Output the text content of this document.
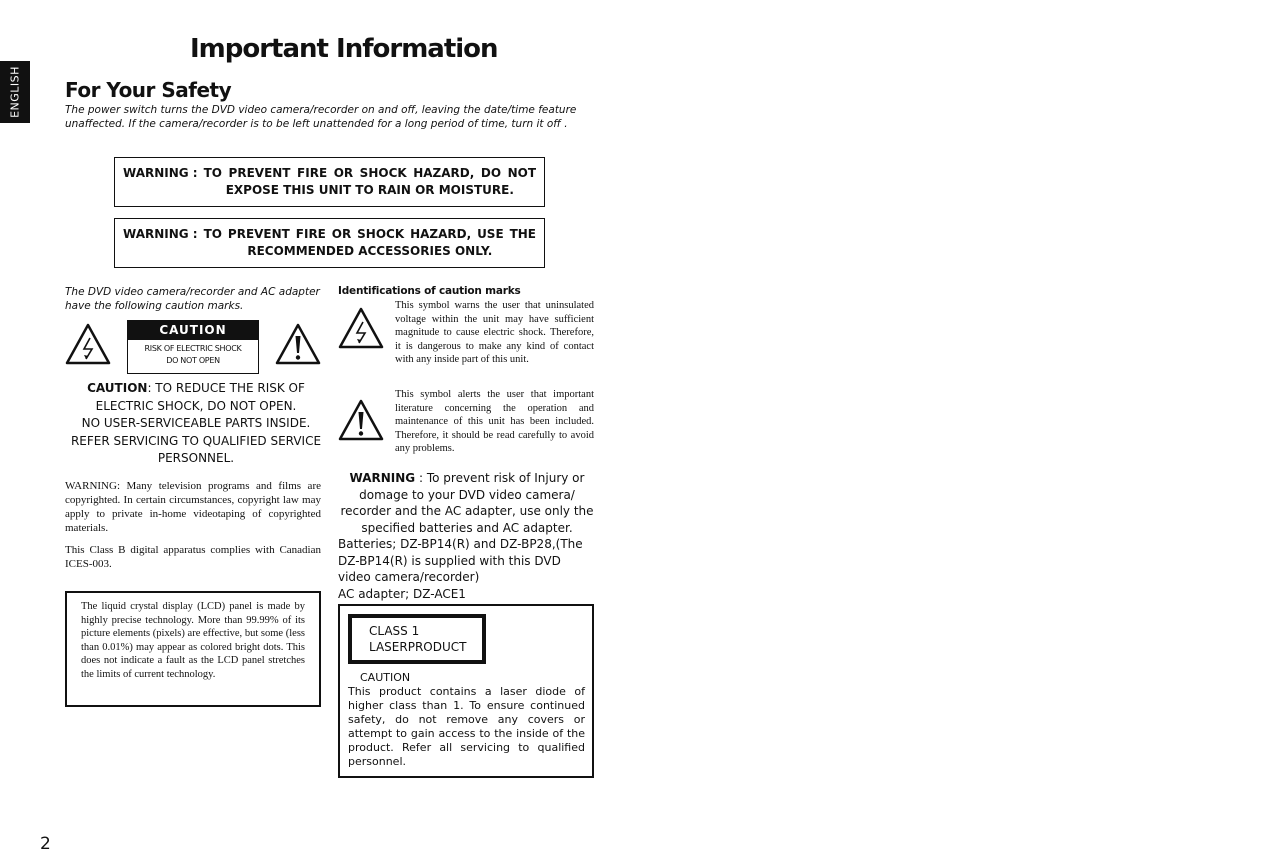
ENGLISH
Important Information
For Your Safety
The power switch turns the DVD video camera/recorder on and off, leaving the date/time feature unaffected. If the camera/recorder is to be left unattended for a long period of time, turn it off .
WARNING : TO PREVENT FIRE OR SHOCK HAZARD, DO NOT EXPOSE THIS UNIT TO RAIN OR MOISTURE.
WARNING : TO PREVENT FIRE OR SHOCK HAZARD, USE THE RECOMMENDED ACCESSORIES ONLY.
The DVD video camera/recorder and AC adapter have the following caution marks.
CAUTION
RISK OF ELECTRIC SHOCK
DO NOT OPEN
CAUTION: TO REDUCE THE RISK OF
ELECTRIC SHOCK, DO NOT OPEN.
NO USER-SERVICEABLE PARTS INSIDE.
REFER SERVICING TO QUALIFIED SERVICE PERSONNEL.
WARNING: Many television programs and films are copyrighted. In certain circumstances, copyright law may apply to private in-home videotaping of copyrighted materials.
This Class B digital apparatus complies with Canadian ICES-003.
The liquid crystal display (LCD) panel is made by highly precise technology. More than 99.99% of its picture elements (pixels) are effective, but some (less than 0.01%) may appear as colored bright dots. This does not indicate a fault as the LCD panel stretches the limits of current technology.
Identifications of caution marks
This symbol warns the user that uninsulated voltage within the unit may have sufficient magnitude to cause electric shock. Therefore, it is dangerous to make any kind of contact with any inside part of this unit.
This symbol alerts the user that important literature concerning the operation and maintenance of this unit has been included. Therefore, it should be read carefully to avoid any problems.
WARNING : To prevent risk of Injury or domage to your DVD video camera/ recorder and the AC adapter, use only the specified batteries and AC adapter.
Batteries; DZ-BP14(R) and DZ-BP28,(The DZ-BP14(R) is supplied with this DVD video camera/recorder)
AC adapter; DZ-ACE1
CLASS 1
LASERPRODUCT
CAUTION
This product contains a laser diode of higher class than 1. To ensure continued safety, do not remove any covers or attempt to gain access to the inside of the product. Refer all servicing to qualified personnel.
2
